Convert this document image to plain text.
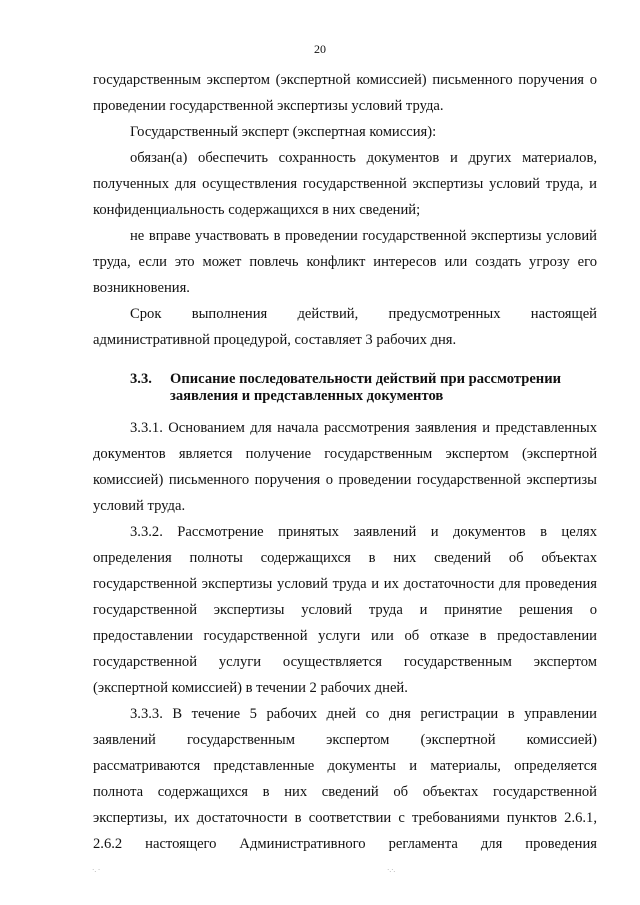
20

государственным экспертом (экспертной комиссией) письменного поручения о проведении государственной экспертизы условий труда.

Государственный эксперт (экспертная комиссия):

обязан(а) обеспечить сохранность документов и других материалов, полученных для осуществления государственной экспертизы условий труда, и конфиденциальность содержащихся в них сведений;

не вправе участвовать в проведении государственной экспертизы условий труда, если это может повлечь конфликт интересов или создать угрозу его возникновения.

Срок выполнения действий, предусмотренных настоящей административной процедурой, составляет 3 рабочих дня.

3.3. Описание последовательности действий при рассмотрении
заявления и представленных документов

3.3.1. Основанием для начала рассмотрения заявления и представленных документов является получение государственным экспертом (экспертной комиссией) письменного поручения о проведении государственной экспертизы условий труда.

3.3.2. Рассмотрение принятых заявлений и документов в целях определения полноты содержащихся в них сведений об объектах государственной экспертизы условий труда и их достаточности для проведения государственной экспертизы условий труда и принятие решения о предоставлении государственной услуги или об отказе в предоставлении государственной услуги осуществляется государственным экспертом (экспертной комиссией) в течении 2 рабочих дней.

3.3.3. В течение 5 рабочих дней со дня регистрации в управлении заявлений государственным экспертом (экспертной комиссией) рассматриваются представленные документы и материалы, определяется полнота содержащихся в них сведений об объектах государственной экспертизы, их достаточности в соответствии с требованиями пунктов 2.6.1, 2.6.2 настоящего Административного регламента для проведения

·. ·	·.·.
